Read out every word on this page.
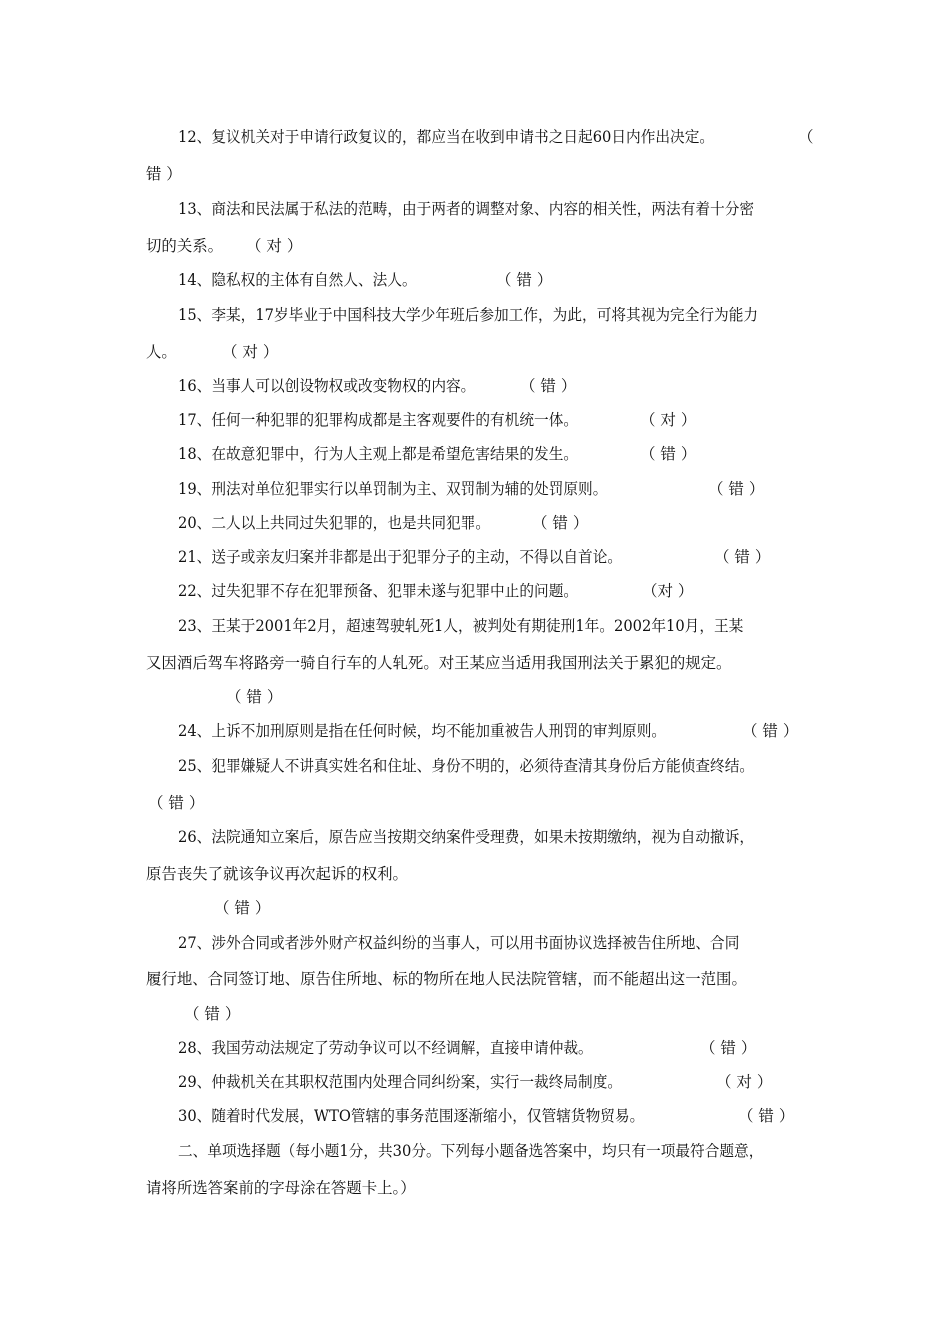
12、复议机关对于申请行政复议的，都应当在收到申请书之日起60日内作出决定。	（
错 ）
13、商法和民法属于私法的范畴，由于两者的调整对象、内容的相关性，两法有着十分密
切的关系。	（ 对 ）
14、隐私权的主体有自然人、法人。	（ 错 ）
15、李某，17岁毕业于中国科技大学少年班后参加工作，为此，可将其视为完全行为能力
人。	（ 对 ）
16、当事人可以创设物权或改变物权的内容。	（ 错 ）
17、任何一种犯罪的犯罪构成都是主客观要件的有机统一体。	（ 对 ）
18、在故意犯罪中，行为人主观上都是希望危害结果的发生。	（ 错 ）
19、刑法对单位犯罪实行以单罚制为主、双罚制为辅的处罚原则。	（ 错 ）
20、二人以上共同过失犯罪的，也是共同犯罪。	（ 错 ）
21、送子或亲友归案并非都是出于犯罪分子的主动，不得以自首论。	（ 错 ）
22、过失犯罪不存在犯罪预备、犯罪未遂与犯罪中止的问题。	（对 ）
23、王某于2001年2月，超速驾驶轧死1人，被判处有期徒刑1年。2002年10月，王某
又因酒后驾车将路旁一骑自行车的人轧死。对王某应当适用我国刑法关于累犯的规定。
（ 错 ）
24、上诉不加刑原则是指在任何时候，均不能加重被告人刑罚的审判原则。	（ 错 ）
25、犯罪嫌疑人不讲真实姓名和住址、身份不明的，必须待查清其身份后方能侦查终结。
（ 错 ）
26、法院通知立案后，原告应当按期交纳案件受理费，如果未按期缴纳，视为自动撤诉，
原告丧失了就该争议再次起诉的权利。
（ 错 ）
27、涉外合同或者涉外财产权益纠纷的当事人，可以用书面协议选择被告住所地、合同
履行地、合同签订地、原告住所地、标的物所在地人民法院管辖，而不能超出这一范围。
（ 错 ）
28、我国劳动法规定了劳动争议可以不经调解，直接申请仲裁。	（ 错 ）
29、仲裁机关在其职权范围内处理合同纠纷案，实行一裁终局制度。	（ 对 ）
30、随着时代发展，WTO管辖的事务范围逐渐缩小，仅管辖货物贸易。	（ 错 ）
二、单项选择题（每小题1分，共30分。下列每小题备选答案中，均只有一项最符合题意，
请将所选答案前的字母涂在答题卡上。）
